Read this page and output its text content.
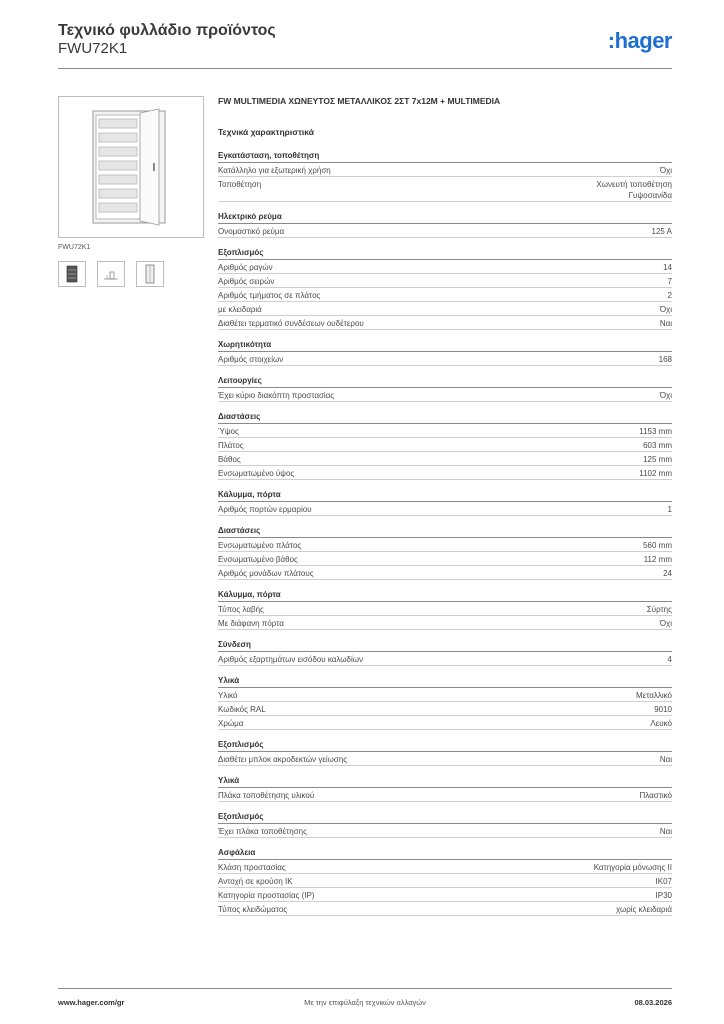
Τεχνικό φυλλάδιο προϊόντος
FWU72K1	:hager
FWU72K1
FW MULTIMEDIA ΧΩΝΕΥΤΟΣ ΜΕΤΑΛΛΙΚΟΣ 2ΣΤ 7x12M + MULTIMEDIA
Τεχνικά χαρακτηριστικά
Εγκατάσταση, τοποθέτηση
Κατάλληλο για εξωτερική χρήση	Όχι
Τοποθέτηση	Χωνευτή τοποθέτηση
Γυψοσανίδα
Ηλεκτρικό ρεύμα
Ονομαστικό ρεύμα	125 A
Εξοπλισμός
Αριθμός ραγών	14
Αριθμός σειρών	7
Αριθμός τμήματος σε πλάτος	2
με κλειδαριά	Όχι
Διαθέτει τερματικό συνδέσεων ουδέτερου	Ναι
Χωρητικότητα
Αριθμός στοιχείων	168
Λειτουργίες
Έχει κύριο διακόπτη προστασίας	Όχι
Διαστάσεις
Ύψος	1153 mm
Πλάτος	603 mm
Βάθος	125 mm
Ενσωματωμένο ύψος	1102 mm
Κάλυμμα, πόρτα
Αριθμός πορτών ερμαρίου	1
Διαστάσεις
Ενσωματωμένο πλάτος	560 mm
Ενσωματωμένο βάθος	112 mm
Αριθμός μονάδων πλάτους	24
Κάλυμμα, πόρτα
Τύπος λαβής	Σύρτης
Με διάφανη πόρτα	Όχι
Σύνδεση
Αριθμός εξαρτημάτων εισόδου καλωδίων	4
Υλικά
Υλικό	Μεταλλικό
Κωδικός RAL	9010
Χρώμα	Λευκό
Εξοπλισμός
Διαθέτει μπλοκ ακροδεκτών γείωσης	Ναι
Υλικά
Πλάκα τοποθέτησης υλικού	Πλαστικό
Εξοπλισμός
Έχει πλάκα τοποθέτησης	Ναι
Ασφάλεια
Κλάση προστασίας	Κατηγορία μόνωσης II
Αντοχή σε κρούση IK	IK07
Κατηγορία προστασίας (IP)	IP30
Τύπος κλειδώματος	χωρίς κλειδαριά
www.hager.com/gr	Με την επιφύλαξη τεχνικών αλλαγών	08.03.2026
